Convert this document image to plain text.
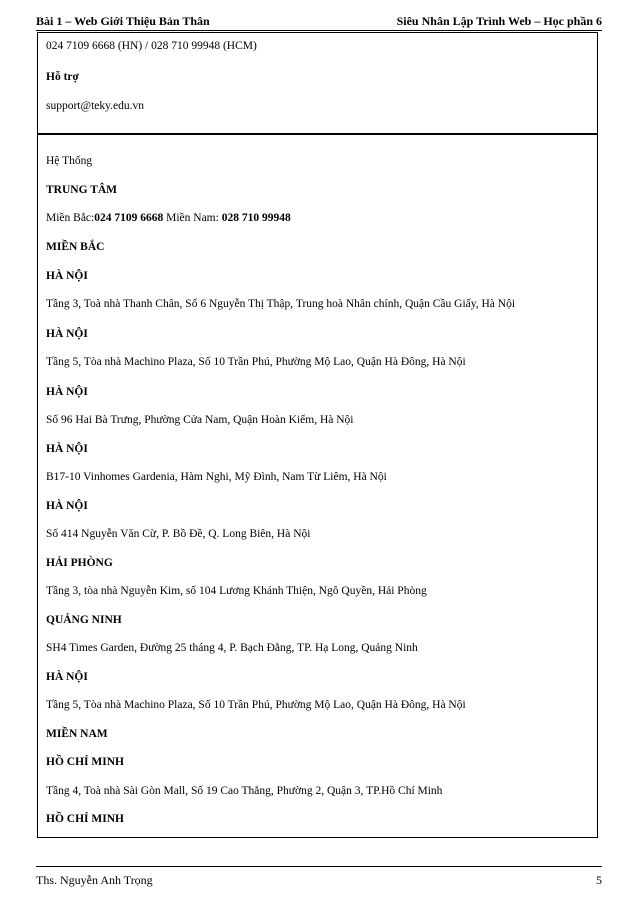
Bài 1 – Web Giới Thiệu Bản Thân	Siêu Nhân Lập Trình Web – Học phần 6
024 7109 6668 (HN) / 028 710 99948 (HCM)
Hỗ trợ
support@teky.edu.vn
Hệ Thống
TRUNG TÂM
Miền Bắc:024 7109 6668 Miền Nam: 028 710 99948
MIỀN BẮC
HÀ NỘI
Tầng 3, Toà nhà Thanh Chân, Số 6 Nguyễn Thị Thập, Trung hoà Nhân chính, Quận Cầu Giấy, Hà Nội
HÀ NỘI
Tầng 5, Tòa nhà Machino Plaza, Số 10 Trần Phú, Phường Mộ Lao, Quận Hà Đông, Hà Nội
HÀ NỘI
Số 96 Hai Bà Trưng, Phường Cửa Nam, Quận Hoàn Kiếm, Hà Nội
HÀ NỘI
B17-10 Vinhomes Gardenia, Hàm Nghi, Mỹ Đình, Nam Từ Liêm, Hà Nội
HÀ NỘI
Số 414 Nguyễn Văn Cừ, P. Bồ Đề, Q. Long Biên, Hà Nội
HẢI PHÒNG
Tầng 3, tòa nhà Nguyễn Kim, số 104 Lương Khánh Thiện, Ngô Quyền, Hải Phòng
QUẢNG NINH
SH4 Times Garden, Đường 25 tháng 4, P. Bạch Đằng, TP. Hạ Long, Quảng Ninh
HÀ NỘI
Tầng 5, Tòa nhà Machino Plaza, Số 10 Trần Phú, Phường Mộ Lao, Quận Hà Đông, Hà Nội
MIỀN NAM
HỒ CHÍ MINH
Tầng 4, Toà nhà Sài Gòn Mall, Số 19 Cao Thắng, Phường 2, Quận 3, TP.Hồ Chí Minh
HỒ CHÍ MINH
Ths. Nguyễn Anh Trọng	5
